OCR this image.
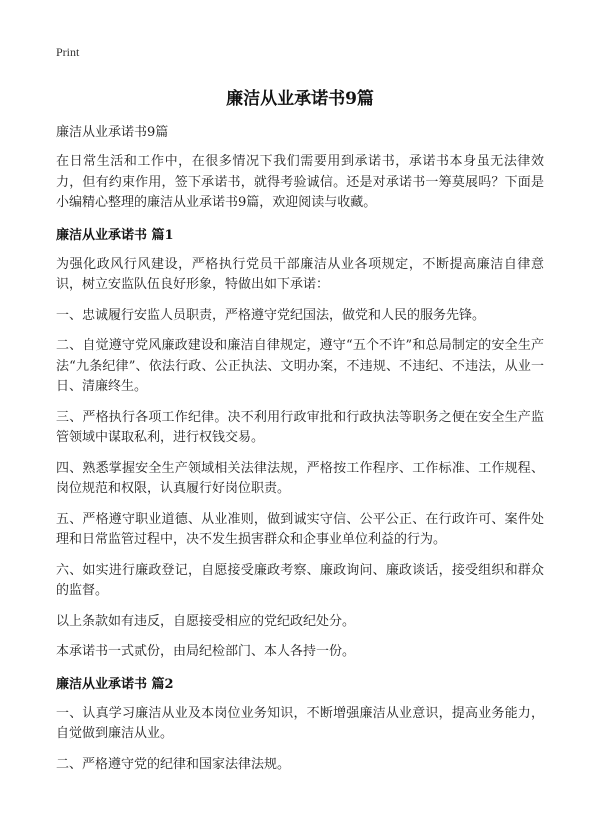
Print
廉洁从业承诺书9篇

廉洁从业承诺书9篇

在日常生活和工作中，在很多情况下我们需要用到承诺书，承诺书本身虽无法律效力，但有约束作用，签下承诺书，就得考验诚信。还是对承诺书一筹莫展吗？下面是小编精心整理的廉洁从业承诺书9篇，欢迎阅读与收藏。

廉洁从业承诺书 篇1

为强化政风行风建设，严格执行党员干部廉洁从业各项规定，不断提高廉洁自律意识，树立安监队伍良好形象，特做出如下承诺：

一、忠诚履行安监人员职责，严格遵守党纪国法，做党和人民的服务先锋。

二、自觉遵守党风廉政建设和廉洁自律规定，遵守“五个不许”和总局制定的安全生产法“九条纪律”、依法行政、公正执法、文明办案，不违规、不违纪、不违法，从业一日、清廉终生。

三、严格执行各项工作纪律。决不利用行政审批和行政执法等职务之便在安全生产监管领域中谋取私利，进行权钱交易。

四、熟悉掌握安全生产领域相关法律法规，严格按工作程序、工作标准、工作规程、岗位规范和权限，认真履行好岗位职责。

五、严格遵守职业道德、从业准则，做到诚实守信、公平公正、在行政许可、案件处理和日常监管过程中，决不发生损害群众和企事业单位利益的行为。

六、如实进行廉政登记，自愿接受廉政考察、廉政询问、廉政谈话，接受组织和群众的监督。

以上条款如有违反，自愿接受相应的党纪政纪处分。

本承诺书一式贰份，由局纪检部门、本人各持一份。

廉洁从业承诺书 篇2

一、认真学习廉洁从业及本岗位业务知识，不断增强廉洁从业意识，提高业务能力，自觉做到廉洁从业。

二、严格遵守党的纪律和国家法律法规。
